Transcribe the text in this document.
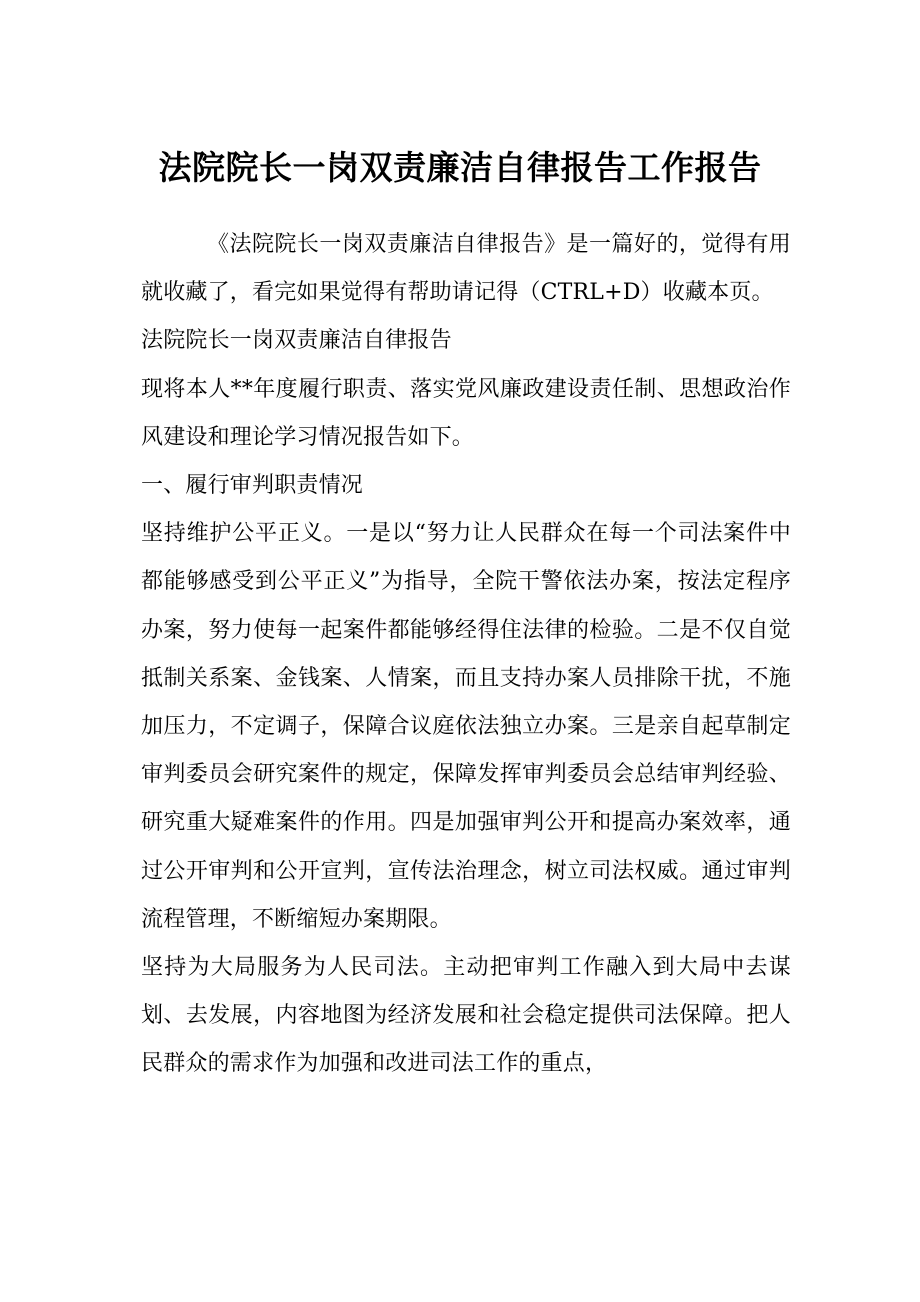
法院院长一岗双责廉洁自律报告工作报告

《法院院长一岗双责廉洁自律报告》是一篇好的，觉得有用就收藏了，看完如果觉得有帮助请记得（CTRL+D）收藏本页。

法院院长一岗双责廉洁自律报告

现将本人**年度履行职责、落实党风廉政建设责任制、思想政治作风建设和理论学习情况报告如下。

一、履行审判职责情况

坚持维护公平正义。一是以“努力让人民群众在每一个司法案件中都能够感受到公平正义”为指导，全院干警依法办案，按法定程序办案，努力使每一起案件都能够经得住法律的检验。二是不仅自觉抵制关系案、金钱案、人情案，而且支持办案人员排除干扰，不施加压力，不定调子，保障合议庭依法独立办案。三是亲自起草制定审判委员会研究案件的规定，保障发挥审判委员会总结审判经验、研究重大疑难案件的作用。四是加强审判公开和提高办案效率，通过公开审判和公开宣判，宣传法治理念，树立司法权威。通过审判流程管理，不断缩短办案期限。

坚持为大局服务为人民司法。主动把审判工作融入到大局中去谋划、去发展，内容地图为经济发展和社会稳定提供司法保障。把人民群众的需求作为加强和改进司法工作的重点，
